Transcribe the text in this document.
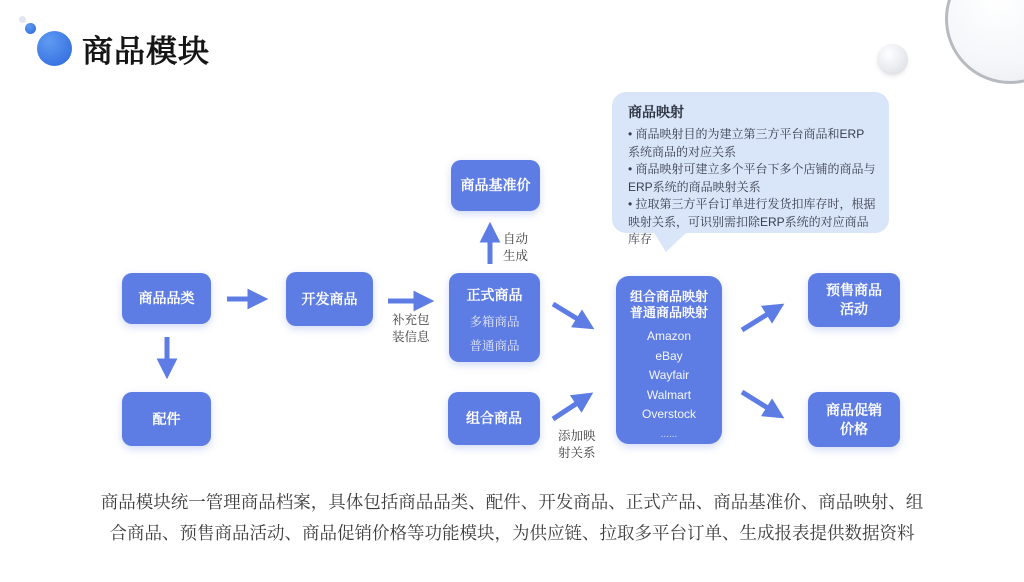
商品模块
商品映射
• 商品映射目的为建立第三方平台商品和ERP系统商品的对应关系
• 商品映射可建立多个平台下多个店铺的商品与ERP系统的商品映射关系
• 拉取第三方平台订单进行发货扣库存时，根据映射关系，可识别需扣除ERP系统的对应商品库存
补充包装信息
自动生成
添加映射关系
商品品类
配件
开发商品
商品基准价
正式商品
多箱商品
普通商品
组合商品
组合商品映射
普通商品映射
Amazon
eBay
Wayfair
Walmart
Overstock
......
预售商品活动
商品促销价格
商品模块统一管理商品档案，具体包括商品品类、配件、开发商品、正式产品、商品基准价、商品映射、组
合商品、预售商品活动、商品促销价格等功能模块，为供应链、拉取多平台订单、生成报表提供数据资料
